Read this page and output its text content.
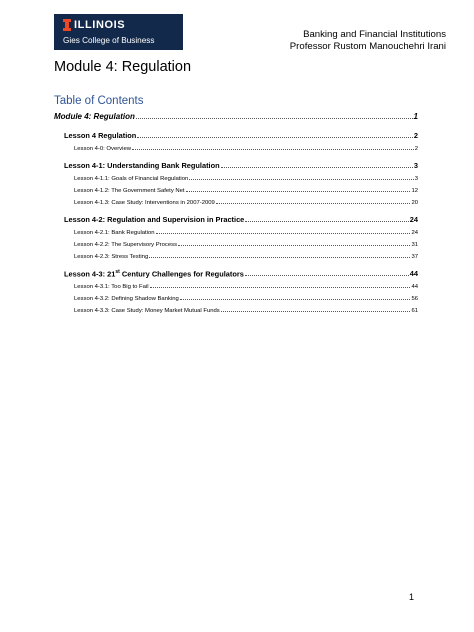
ILLINOIS
Gies College of Business
Banking and Financial Institutions
Professor Rustom Manouchehri Irani
Module 4: Regulation
Table of Contents
Module 4: Regulation	1
Lesson 4 Regulation	2
Lesson 4-0: Overview	2
Lesson 4-1: Understanding Bank Regulation	3
Lesson 4-1.1: Goals of Financial Regulation	3
Lesson 4-1.2: The Government Safety Net	12
Lesson 4-1.3: Case Study: Interventions in 2007-2009	20
Lesson 4-2: Regulation and Supervision in Practice	24
Lesson 4-2.1: Bank Regulation	24
Lesson 4-2.2: The Supervisory Process	31
Lesson 4-2.3: Stress Testing	37
Lesson 4-3: 21st Century Challenges for Regulators	44
Lesson 4-3.1: Too Big to Fail	44
Lesson 4-3.2: Defining Shadow Banking	56
Lesson 4-3.3: Case Study: Money Market Mutual Funds	61
1
